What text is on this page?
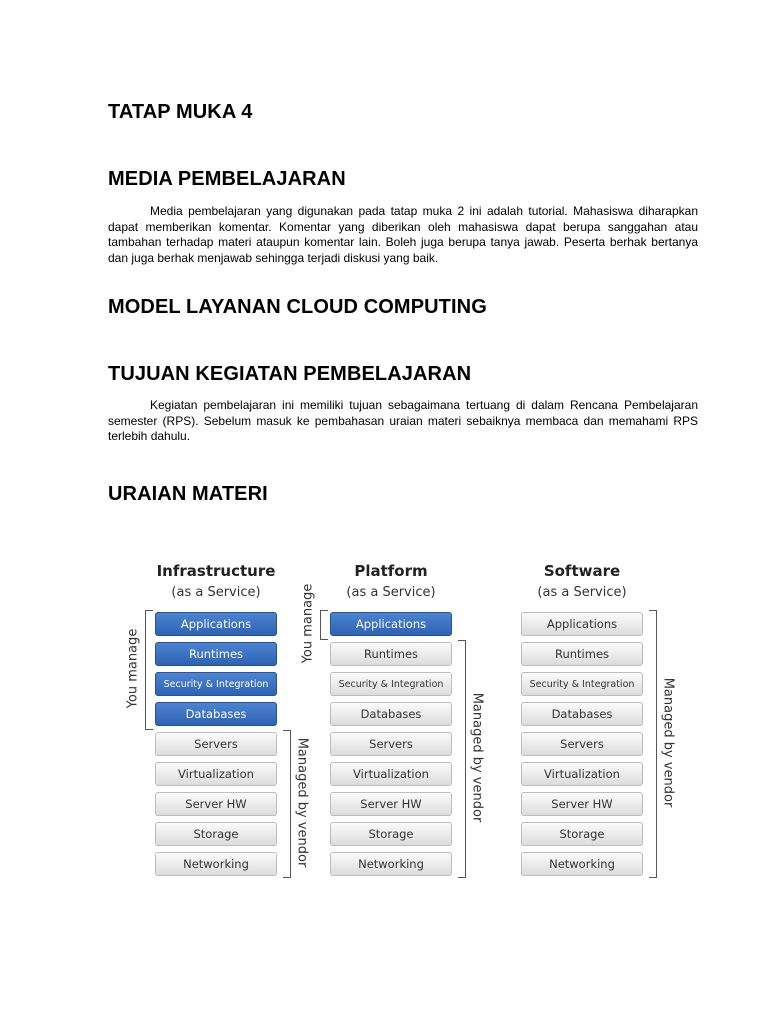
TATAP MUKA 4
MEDIA PEMBELAJARAN

Media pembelajaran yang digunakan pada tatap muka 2 ini adalah tutorial. Mahasiswa diharapkan dapat memberikan komentar. Komentar yang diberikan oleh mahasiswa dapat berupa sanggahan atau tambahan terhadap materi ataupun komentar lain. Boleh juga berupa tanya jawab. Peserta berhak bertanya dan juga berhak menjawab sehingga terjadi diskusi yang baik.

MODEL LAYANAN CLOUD COMPUTING
TUJUAN KEGIATAN PEMBELAJARAN

Kegiatan pembelajaran ini memiliki tujuan sebagaimana tertuang di dalam Rencana Pembelajaran semester (RPS). Sebelum masuk ke pembahasan uraian materi sebaiknya membaca dan memahami RPS terlebih dahulu.

URAIAN MATERI
Infrastructure
(as a Service)
Applications
Runtimes
Security & Integration
Databases
Servers
Virtualization
Server HW
Storage
Networking
You manage
Managed by vendor
Platform
(as a Service)
Applications
Runtimes
Security & Integration
Databases
Servers
Virtualization
Server HW
Storage
Networking
You manage
Managed by vendor
Software
(as a Service)
Applications
Runtimes
Security & Integration
Databases
Servers
Virtualization
Server HW
Storage
Networking
Managed by vendor
